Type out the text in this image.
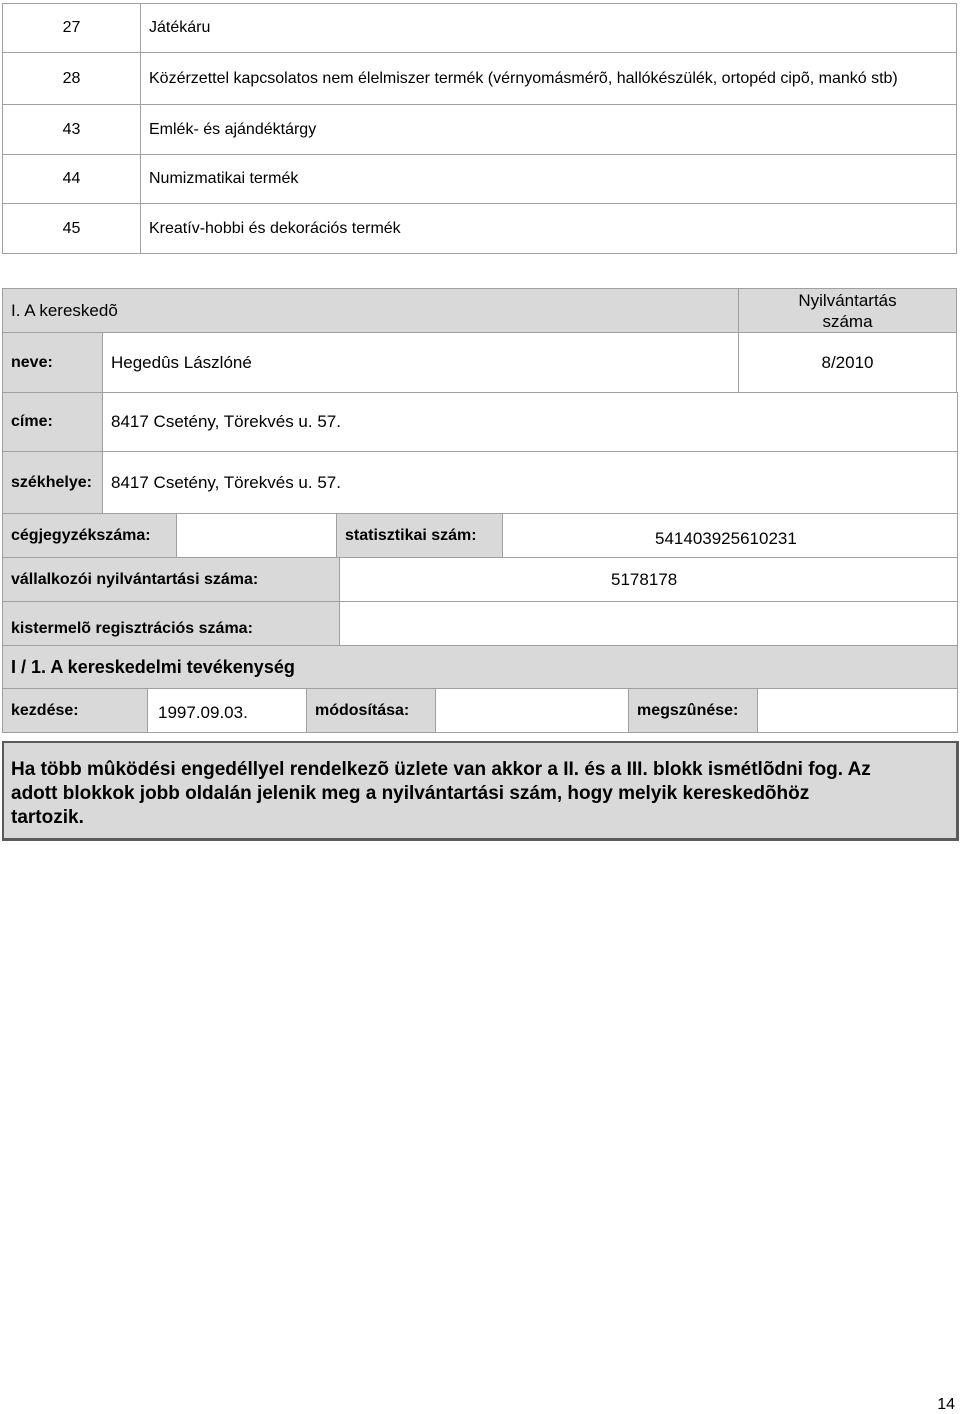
27	Játékáru
28	Közérzettel kapcsolatos nem élelmiszer termék (vérnyomásmérõ, hallókészülék, ortopéd cipõ, mankó stb)
43	Emlék- és ajándéktárgy
44	Numizmatikai termék
45	Kreatív-hobbi és dekorációs termék
I. A kereskedõ
Nyilvántartás száma
neve:	Hegedûs Lászlóné	8/2010
címe:	8417 Csetény, Törekvés u. 57.
székhelye: 8417 Csetény, Törekvés u. 57.
cégjegyzékszáma:	statisztikai szám:	541403925610231
vállalkozói nyilvántartási száma:	5178178
kistermelõ regisztrációs száma:
I / 1. A kereskedelmi tevékenység
kezdése:	1997.09.03.	módosítása:	megszûnése:
Ha több mûködési engedéllyel rendelkezõ üzlete van akkor a II. és a III. blokk ismétlõdni fog. Az adott blokkok jobb oldalán jelenik meg a nyilvántartási szám, hogy melyik kereskedõhöz tartozik.
14
